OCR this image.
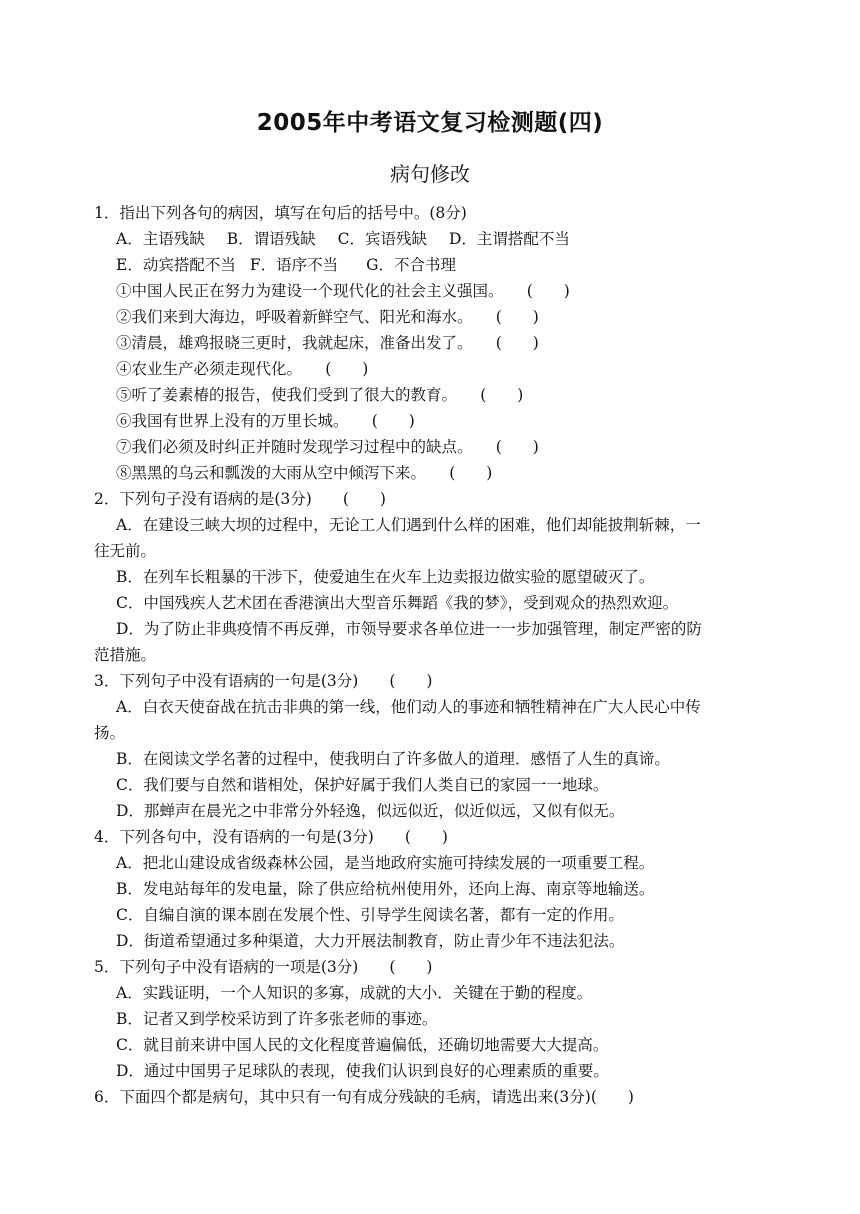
2005年中考语文复习检测题(四)
病句修改
1．指出下列各句的病因，填写在句后的括号中。(8分)
A．主语残缺 B．谓语残缺 C．宾语残缺 D．主谓搭配不当
E．动宾搭配不当 F．语序不当 G．不合书理
①中国人民正在努力为建设一个现代化的社会主义强国。　　(　　)
②我们来到大海边，呼吸着新鲜空气、阳光和海水。　　(　　)
③清晨，雄鸡报晓三更时，我就起床，准备出发了。　　(　　)
④农业生产必须走现代化。　　(　　)
⑤听了姜素椿的报告，使我们受到了很大的教育。　　(　　)
⑥我国有世界上没有的万里长城。　　(　　)
⑦我们必须及时纠正并随时发现学习过程中的缺点。　　(　　)
⑧黑黑的乌云和瓢泼的大雨从空中倾泻下来。　　(　　)
2．下列句子没有语病的是(3分)　　(　　)
A．在建设三峡大坝的过程中，无论工人们遇到什么样的困难，他们却能披荆斩棘，一
往无前。
B．在列车长粗暴的干涉下，使爱迪生在火车上边卖报边做实验的愿望破灭了。
C．中国残疾人艺术团在香港演出大型音乐舞蹈《我的梦》，受到观众的热烈欢迎。
D．为了防止非典疫情不再反弹，市领导要求各单位进一一步加强管理，制定严密的防
范措施。
3．下列句子中没有语病的一句是(3分)　　(　　)
A．白衣天使奋战在抗击非典的第一线，他们动人的事迹和牺牲精神在广大人民心中传
扬。
B．在阅读文学名著的过程中，使我明白了许多做人的道理．感悟了人生的真谛。
C．我们要与自然和谐相处，保护好属于我们人类自已的家园一一地球。
D．那蝉声在晨光之中非常分外轻逸，似远似近，似近似远，又似有似无。
4．下列各句中，没有语病的一句是(3分)　　(　　)
A．把北山建设成省级森林公园，是当地政府实施可持续发展的一项重要工程。
B．发电站每年的发电量，除了供应给杭州使用外，还向上海、南京等地输送。
C．自编自演的课本剧在发展个性、引导学生阅读名著，都有一定的作用。
D．街道希望通过多种渠道，大力开展法制教育，防止青少年不违法犯法。
5．下列句子中没有语病的一项是(3分)　　(　　)
A．实践证明，一个人知识的多寡，成就的大小．关键在于勤的程度。
B．记者又到学校采访到了许多张老师的事迹。
C．就目前来讲中国人民的文化程度普遍偏低，还确切地需要大大提高。
D．通过中国男子足球队的表现，使我们认识到良好的心理素质的重要。
6．下面四个都是病句，其中只有一句有成分残缺的毛病，请选出来(3分)(　　)
